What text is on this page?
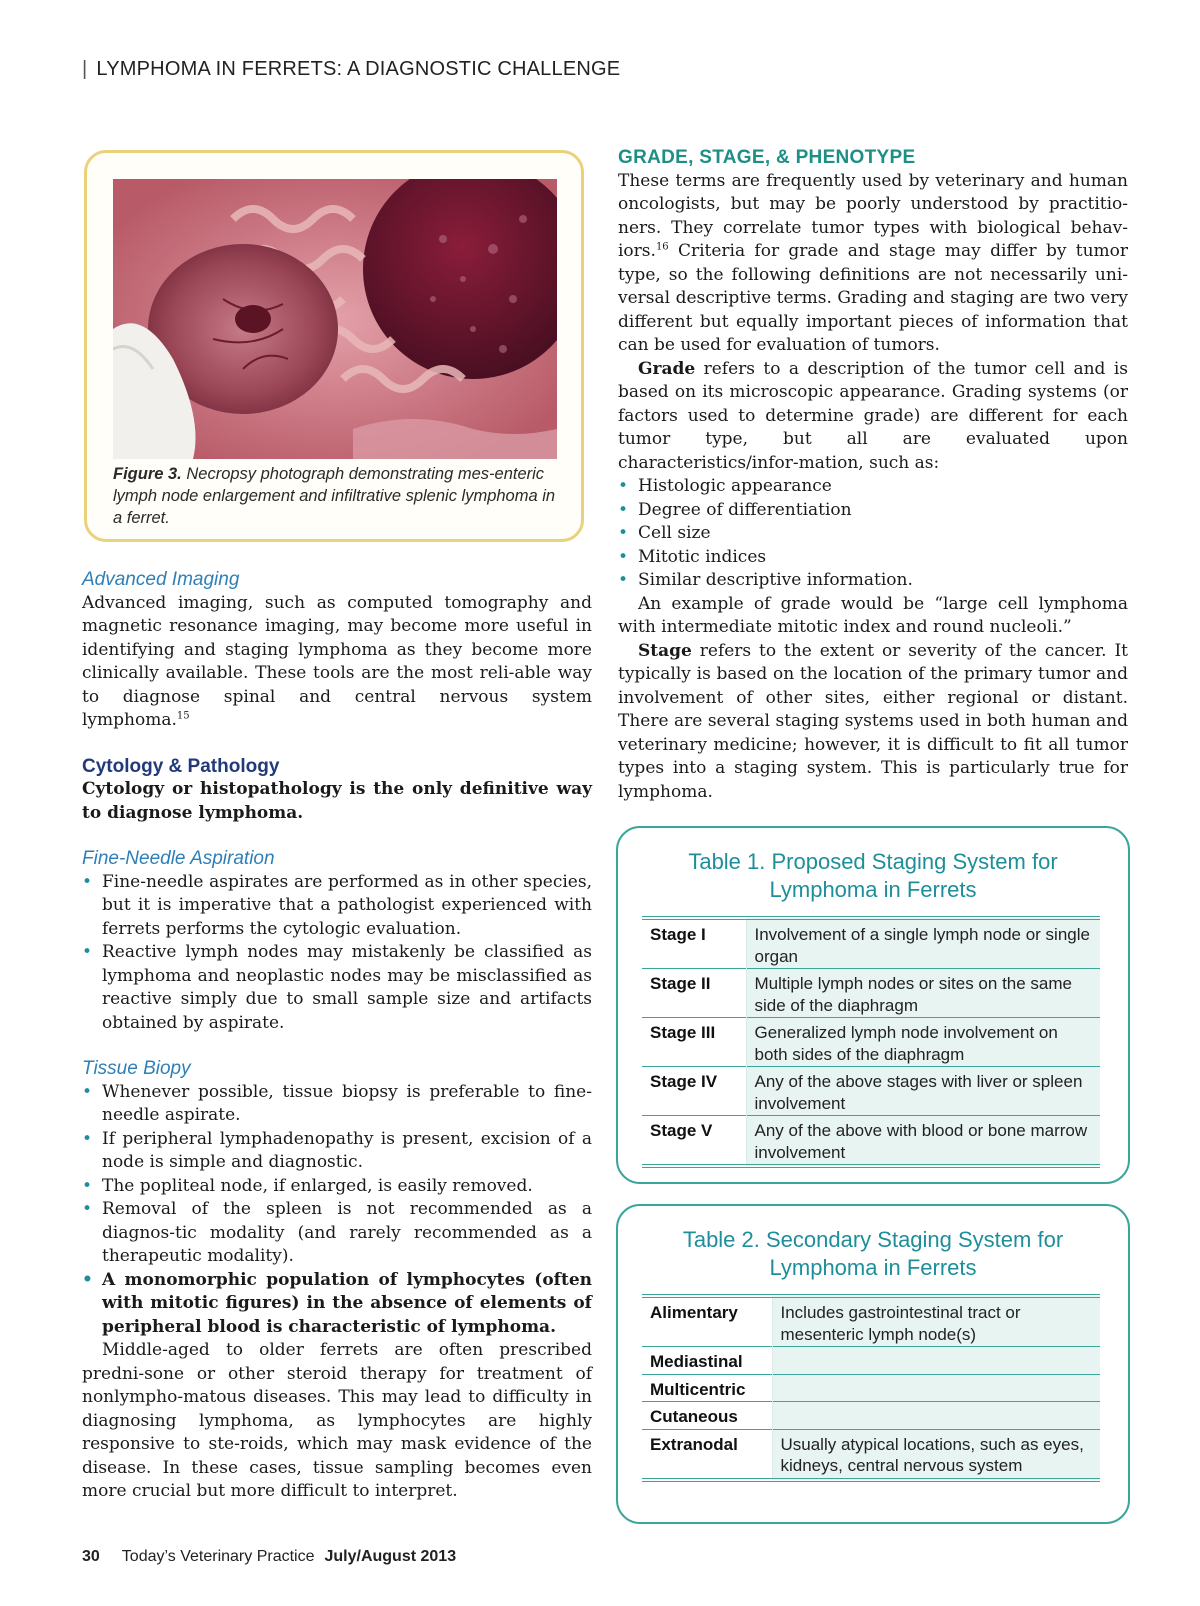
| LYMPHOMA IN FERRETS: A DIAGNOSTIC CHALLENGE
Figure 3. Necropsy photograph demonstrating mes-enteric lymph node enlargement and infiltrative splenic lymphoma in a ferret.
Advanced Imaging

Advanced imaging, such as computed tomography and magnetic resonance imaging, may become more useful in identifying and staging lymphoma as they become more clinically available. These tools are the most reli-able way to diagnose spinal and central nervous system lymphoma.$^{15}$

Cytology & Pathology

Cytology or histopathology is the only definitive way to diagnose lymphoma.

Fine-Needle Aspiration
• Fine-needle aspirates are performed as in other species, but it is imperative that a pathologist experienced with ferrets performs the cytologic evaluation.
• Reactive lymph nodes may mistakenly be classified as lymphoma and neoplastic nodes may be misclassified as reactive simply due to small sample size and artifacts obtained by aspirate.
Tissue Biopy
• Whenever possible, tissue biopsy is preferable to fine-needle aspirate.
• If peripheral lymphadenopathy is present, excision of a node is simple and diagnostic.
• The popliteal node, if enlarged, is easily removed.
• Removal of the spleen is not recommended as a diagnos-tic modality (and rarely recommended as a therapeutic modality).
• A monomorphic population of lymphocytes (often with mitotic figures) in the absence of elements of peripheral blood is characteristic of lymphoma.

Middle-aged to older ferrets are often prescribed predni-sone or other steroid therapy for treatment of nonlympho-matous diseases. This may lead to difficulty in diagnosing lymphoma, as lymphocytes are highly responsive to ste-roids, which may mask evidence of the disease. In these cases, tissue sampling becomes even more crucial but more difficult to interpret.

GRADE, STAGE, & PHENOTYPE

These terms are frequently used by veterinary and human oncologists, but may be poorly understood by practitio-ners. They correlate tumor types with biological behav-iors.$^{16}$ Criteria for grade and stage may differ by tumor type, so the following definitions are not necessarily uni-versal descriptive terms. Grading and staging are two very different but equally important pieces of information that can be used for evaluation of tumors.

Grade refers to a description of the tumor cell and is based on its microscopic appearance. Grading systems (or factors used to determine grade) are different for each tumor type, but all are evaluated upon characteristics/infor-mation, such as:

• Histologic appearance
• Degree of differentiation
• Cell size
• Mitotic indices
• Similar descriptive information.

An example of grade would be “large cell lymphoma with intermediate mitotic index and round nucleoli.”

Stage refers to the extent or severity of the cancer. It typically is based on the location of the primary tumor and involvement of other sites, either regional or distant. There are several staging systems used in both human and veterinary medicine; however, it is difficult to fit all tumor types into a staging system. This is particularly true for lymphoma.

Table 1. Proposed Staging System for
Lymphoma in Ferrets
Stage I	Involvement of a single lymph node or single organ
Stage II	Multiple lymph nodes or sites on the same side of the diaphragm
Stage III	Generalized lymph node involvement on both sides of the diaphragm
Stage IV	Any of the above stages with liver or spleen involvement
Stage V	Any of the above with blood or bone marrow involvement
Table 2. Secondary Staging System for
Lymphoma in Ferrets
Alimentary	Includes gastrointestinal tract or mesenteric lymph node(s)
Mediastinal	
Multicentric	
Cutaneous	
Extranodal	Usually atypical locations, such as eyes, kidneys, central nervous system
30 Today’s Veterinary Practice July/August 2013
